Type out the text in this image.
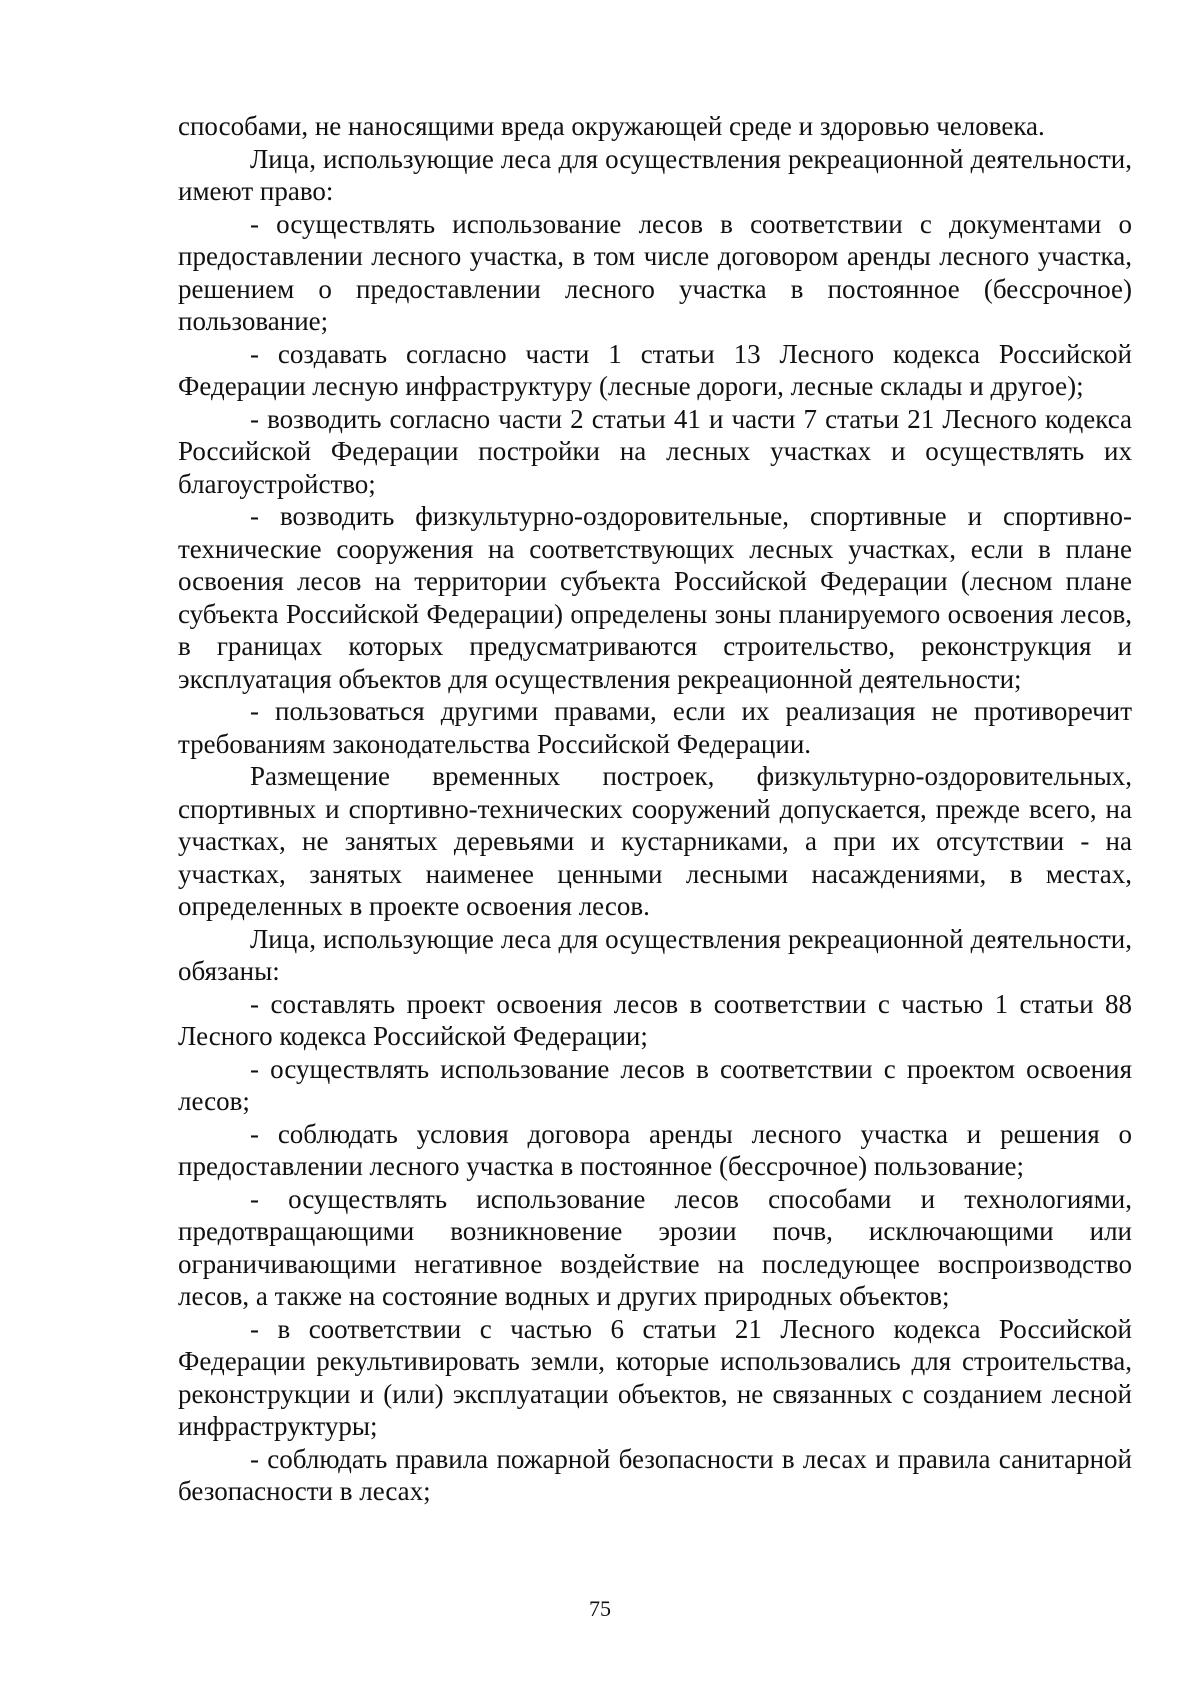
способами, не наносящими вреда окружающей среде и здоровью человека.

Лица, использующие леса для осуществления рекреационной деятельности, имеют право:

- осуществлять использование лесов в соответствии с документами о предоставлении лесного участка, в том числе договором аренды лесного участка, решением о предоставлении лесного участка в постоянное (бессрочное) пользование;

- создавать согласно части 1 статьи 13 Лесного кодекса Российской Федерации лесную инфраструктуру (лесные дороги, лесные склады и другое);

- возводить согласно части 2 статьи 41 и части 7 статьи 21 Лесного кодекса Российской Федерации постройки на лесных участках и осуществлять их благоустройство;

- возводить физкультурно-оздоровительные, спортивные и спортивно-технические сооружения на соответствующих лесных участках, если в плане освоения лесов на территории субъекта Российской Федерации (лесном плане субъекта Российской Федерации) определены зоны планируемого освоения лесов, в границах которых предусматриваются строительство, реконструкция и эксплуатация объектов для осуществления рекреационной деятельности;

- пользоваться другими правами, если их реализация не противоречит требованиям законодательства Российской Федерации.

Размещение временных построек, физкультурно-оздоровительных, спортивных и спортивно-технических сооружений допускается, прежде всего, на участках, не занятых деревьями и кустарниками, а при их отсутствии - на участках, занятых наименее ценными лесными насаждениями, в местах, определенных в проекте освоения лесов.

Лица, использующие леса для осуществления рекреационной деятельности, обязаны:

- составлять проект освоения лесов в соответствии с частью 1 статьи 88 Лесного кодекса Российской Федерации;

- осуществлять использование лесов в соответствии с проектом освоения лесов;

- соблюдать условия договора аренды лесного участка и решения о предоставлении лесного участка в постоянное (бессрочное) пользование;

- осуществлять использование лесов способами и технологиями, предотвращающими возникновение эрозии почв, исключающими или ограничивающими негативное воздействие на последующее воспроизводство лесов, а также на состояние водных и других природных объектов;

- в соответствии с частью 6 статьи 21 Лесного кодекса Российской Федерации рекультивировать земли, которые использовались для строительства, реконструкции и (или) эксплуатации объектов, не связанных с созданием лесной инфраструктуры;

- соблюдать правила пожарной безопасности в лесах и правила санитарной безопасности в лесах;

75
